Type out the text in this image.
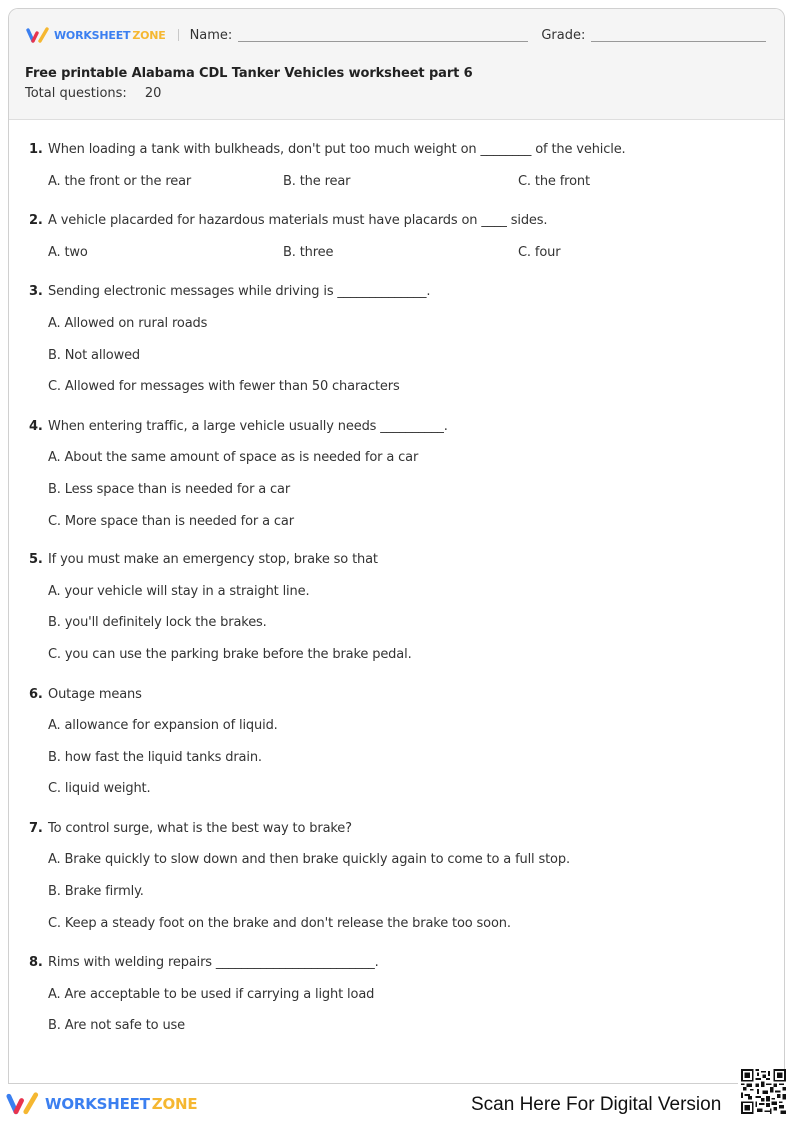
WORKSHEET ZONE Name:	Grade:
Free printable Alabama CDL Tanker Vehicles worksheet part 6
Total questions: 20
1. When loading a tank with bulkheads, don't put too much weight on ________ of the vehicle.
A. the front or the rear	B. the rear	C. the front
2. A vehicle placarded for hazardous materials must have placards on ____ sides.
A. two	B. three	C. four
3. Sending electronic messages while driving is ______________.
A. Allowed on rural roads
B. Not allowed
C. Allowed for messages with fewer than 50 characters
4. When entering traffic, a large vehicle usually needs __________.
A. About the same amount of space as is needed for a car
B. Less space than is needed for a car
C. More space than is needed for a car
5. If you must make an emergency stop, brake so that
A. your vehicle will stay in a straight line.
B. you'll definitely lock the brakes.
C. you can use the parking brake before the brake pedal.
6. Outage means
A. allowance for expansion of liquid.
B. how fast the liquid tanks drain.
C. liquid weight.
7. To control surge, what is the best way to brake?
A. Brake quickly to slow down and then brake quickly again to come to a full stop.
B. Brake firmly.
C. Keep a steady foot on the brake and don't release the brake too soon.
8. Rims with welding repairs _________________________.
A. Are acceptable to be used if carrying a light load
B. Are not safe to use
WORKSHEET ZONE	Scan Here For Digital Version
